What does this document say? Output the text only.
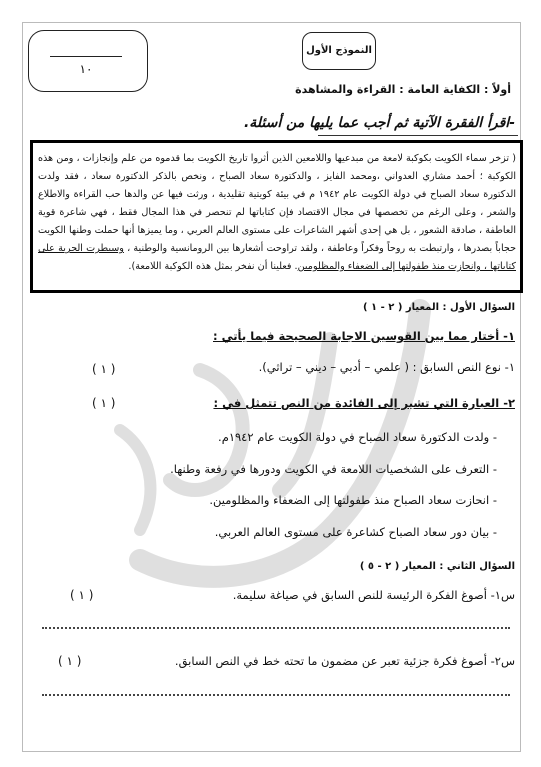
١٠
النموذج الأول
أولاً : الكفاية العامة : القراءة والمشاهدة
-اقرأ الفقرة الآتية ثم أجب عما يليها من أسئلة.
( تزخر سماء الكويت بكوكبة لامعة من مبدعيها واللامعين الذين أثروا تاريخ الكويت بما قدموه من علم وإنجازات ، ومن هذه الكوكبة ؛ أحمد مشاري العدواني ،ومحمد الفايز ، والدكتورة سعاد الصباح ، ونخص بالذكر الدكتورة سعاد ، فقد ولدت الدكتورة سعاد الصباح في دولة الكويت عام ١٩٤٢ م في بيئة كويتية تقليدية ، ورثت فيها عن والدها حب القراءة والاطلاع والشعر ، وعلى الرغم من تخصصها في مجال الاقتصاد فإن كتاباتها لم تنحصر في هذا المجال فقط ، فهي شاعرة قوية العاطفة ، صادقة الشعور ، بل هي إحدى أشهر الشاعرات على مستوى العالم العربي ، وما يميزها أنها حملت وطنها الكويت حجاباً بصدرها ، وارتبطت به روحاً وفكراً وعاطفة ، ولقد تراوحت أشعارها بين الرومانسية والوطنية ، وسيطرت الحرية على كتاباتها ، وانحازت منذ طفولتها إلى الضعفاء والمظلومين. فعلينا أن نفخر بمثل هذه الكوكبة اللامعة).
السؤال الأول : المعيار ( ٢ - ١ )
١- أختار مما بين القوسين الاجابة الصحيحة فيما يأتي :
١- نوع النص السابق : ( علمي – أدبي – ديني – تراثي).
( ١ )
٢- العبارة التي تشير إلى الفائدة من النص تتمثل في :
( ١ )
- ولدت الدكتورة سعاد الصباح في دولة الكويت عام ١٩٤٢م.
- التعرف على الشخصيات اللامعة في الكويت ودورها في رفعة وطنها.
- انحازت سعاد الصباح منذ طفولتها إلى الضعفاء والمظلومين.
- بيان دور سعاد الصباح كشاعرة على مستوى العالم العربي.
السؤال الثاني : المعيار ( ٢ - ٥ )
س١- أصوغ الفكرة الرئيسة للنص السابق في صياغة سليمة.
( ١ )
س٢- أصوغ فكرة جزئية تعبر عن مضمون ما تحته خط في النص السابق.
( ١ )
